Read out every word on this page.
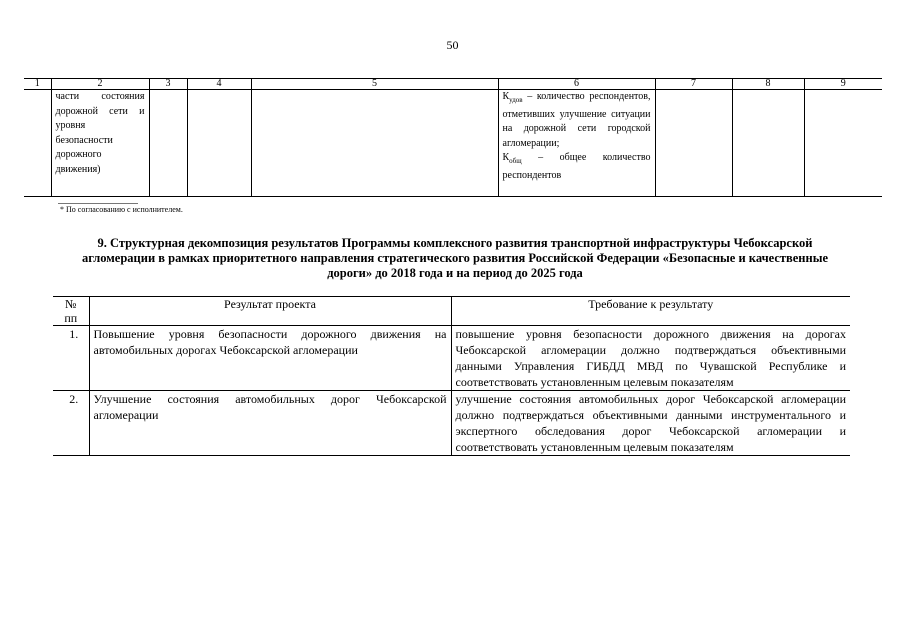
50
1	2	3	4	5	6	7	8	9
	части состояния дорожной сети и уровня безопасности дорожного движения)				$К_{удов}$ – количество респондентов, отметивших улучшение ситуации на дорожной сети городской агломерации;
$К_{общ}$ – общее количество респондентов			
* По согласованию с исполнителем.
9. Структурная декомпозиция результатов Программы комплексного развития транспортной инфраструктуры Чебоксарской агломерации в рамках приоритетного направления стратегического развития Российской Федерации «Безопасные и качественные дороги» до 2018 года и на период до 2025 года
№ пп	Результат проекта	Требование к результату
1.	Повышение уровня безопасности дорожного движения на автомобильных дорогах Чебоксарской агломерации	повышение уровня безопасности дорожного движения на дорогах Чебоксарской агломерации должно подтверждаться объективными данными Управления ГИБДД МВД по Чувашской Республике и соответствовать установленным целевым показателям
2.	Улучшение состояния автомобильных дорог Чебоксарской агломерации	улучшение состояния автомобильных дорог Чебоксарской агломерации должно подтверждаться объективными данными инструментального и экспертного обследования дорог Чебоксарской агломерации и соответствовать установленным целевым показателям
